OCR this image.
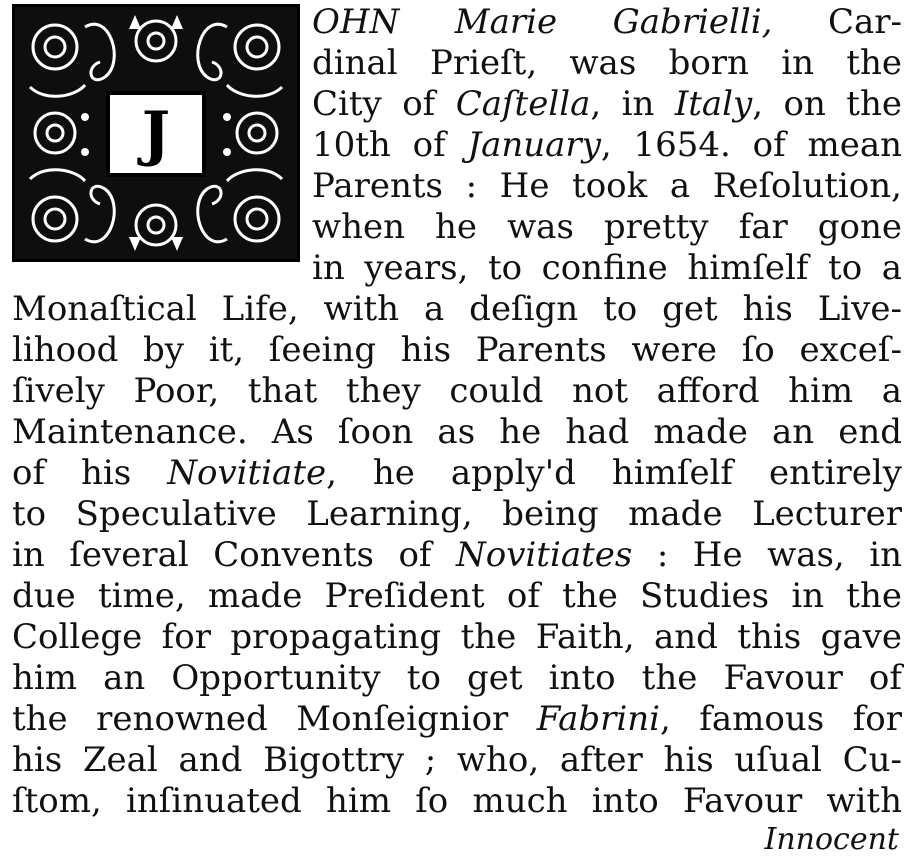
J
OHN Marie Gabrielli, Car-
dinal Prieſt, was born in the
City of Caſtella, in Italy, on the
10th of January, 1654. of mean
Parents : He took a Reſolution,
when he was pretty far gone
in years, to confine himſelf to a
Monaſtical Life, with a deſign to get his Live-
lihood by it, ſeeing his Parents were ſo exceſ-
ſively Poor, that they could not afford him a
Maintenance. As ſoon as he had made an end
of his Novitiate, he apply'd himſelf entirely
to Speculative Learning, being made Lecturer
in ſeveral Convents of Novitiates : He was, in
due time, made Preſident of the Studies in the
College for propagating the Faith, and this gave
him an Opportunity to get into the Favour of
the renowned Monſeignior Fabrini, famous for
his Zeal and Bigottry ; who, after his uſual Cu-
ſtom, inſinuated him ſo much into Favour with
Innocent
